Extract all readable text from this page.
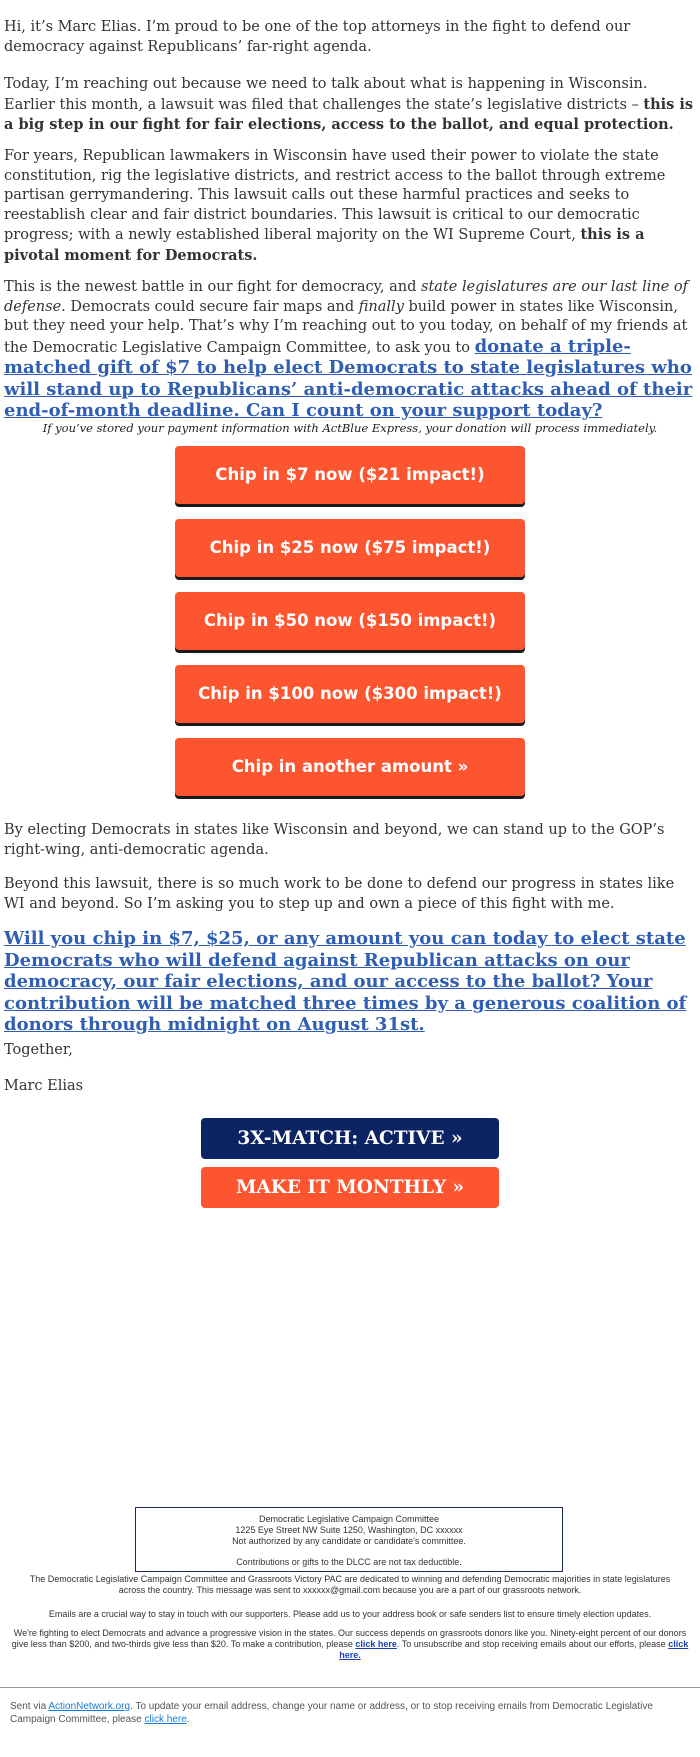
Hi, it’s Marc Elias. I’m proud to be one of the top attorneys in the fight to defend our democracy against Republicans’ far-right agenda.

Today, I’m reaching out because we need to talk about what is happening in Wisconsin. Earlier this month, a lawsuit was filed that challenges the state’s legislative districts – this is a big step in our fight for fair elections, access to the ballot, and equal protection.

For years, Republican lawmakers in Wisconsin have used their power to violate the state constitution, rig the legislative districts, and restrict access to the ballot through extreme partisan gerrymandering. This lawsuit calls out these harmful practices and seeks to reestablish clear and fair district boundaries. This lawsuit is critical to our democratic progress; with a newly established liberal majority on the WI Supreme Court, this is a pivotal moment for Democrats.

This is the newest battle in our fight for democracy, and state legislatures are our last line of defense. Democrats could secure fair maps and finally build power in states like Wisconsin, but they need your help. That’s why I’m reaching out to you today, on behalf of my friends at the Democratic Legislative Campaign Committee, to ask you to donate a triple-matched gift of $7 to help elect Democrats to state legislatures who will stand up to Republicans’ anti-democratic attacks ahead of their end-of-month deadline. Can I count on your support today?

If you’ve stored your payment information with ActBlue Express, your donation will process immediately.
Chip in $7 now ($21 impact!)
Chip in $25 now ($75 impact!)
Chip in $50 now ($150 impact!)
Chip in $100 now ($300 impact!)
Chip in another amount »

By electing Democrats in states like Wisconsin and beyond, we can stand up to the GOP’s right-wing, anti-democratic agenda.

Beyond this lawsuit, there is so much work to be done to defend our progress in states like WI and beyond. So I’m asking you to step up and own a piece of this fight with me.

Will you chip in $7, $25, or any amount you can today to elect state Democrats who will defend against Republican attacks on our democracy, our fair elections, and our access to the ballot? Your contribution will be matched three times by a generous coalition of donors through midnight on August 31st.

Together,

Marc Elias

3X-MATCH: ACTIVE »
MAKE IT MONTHLY »
Democratic Legislative Campaign Committee
1225 Eye Street NW Suite 1250, Washington, DC xxxxxx
Not authorized by any candidate or candidate's committee.
Contributions or gifts to the DLCC are not tax deductible.
The Democratic Legislative Campaign Committee and Grassroots Victory PAC are dedicated to winning and defending Democratic majorities in state legislatures across the country. This message was sent to xxxxxx@gmail.com because you are a part of our grassroots network.
Emails are a crucial way to stay in touch with our supporters. Please add us to your address book or safe senders list to ensure timely election updates.
We're fighting to elect Democrats and advance a progressive vision in the states. Our success depends on grassroots donors like you. Ninety-eight percent of our donors give less than $200, and two-thirds give less than $20. To make a contribution, please click here. To unsubscribe and stop receiving emails about our efforts, please click here.
Sent via ActionNetwork.org. To update your email address, change your name or address, or to stop receiving emails from Democratic Legislative Campaign Committee, please click here.
